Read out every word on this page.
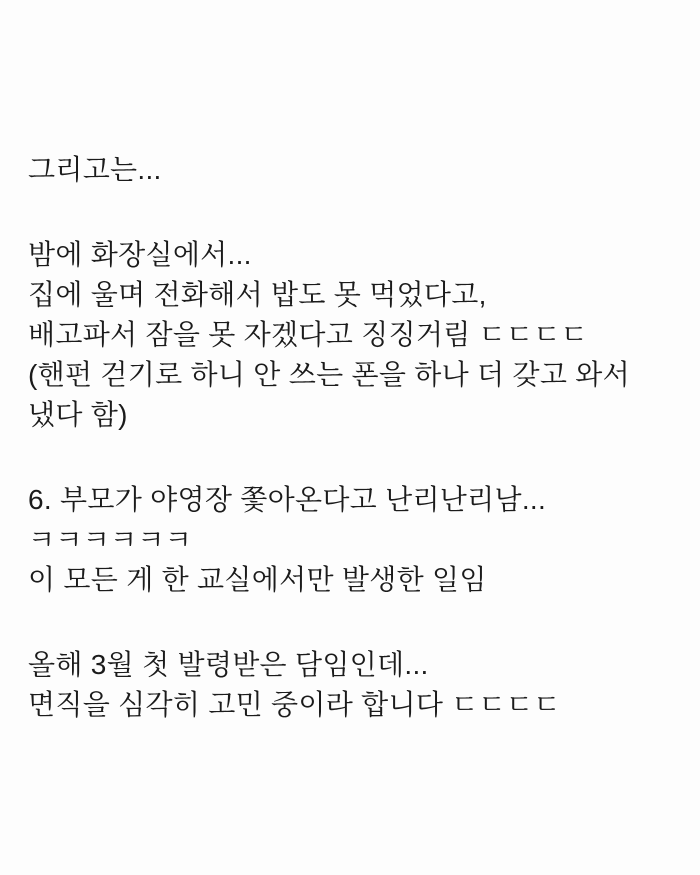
그리고는...
밤에 화장실에서...
집에 울며 전화해서 밥도 못 먹었다고,
배고파서 잠을 못 자겠다고 징징거림 ㄷㄷㄷㄷ
(핸펀 걷기로 하니 안 쓰는 폰을 하나 더 갖고 와서
냈다 함)
6. 부모가 야영장 쫓아온다고 난리난리남...
ㅋㅋㅋㅋㅋㅋ
이 모든 게 한 교실에서만 발생한 일임
올해 3월 첫 발령받은 담임인데...
면직을 심각히 고민 중이라 합니다 ㄷㄷㄷㄷ
